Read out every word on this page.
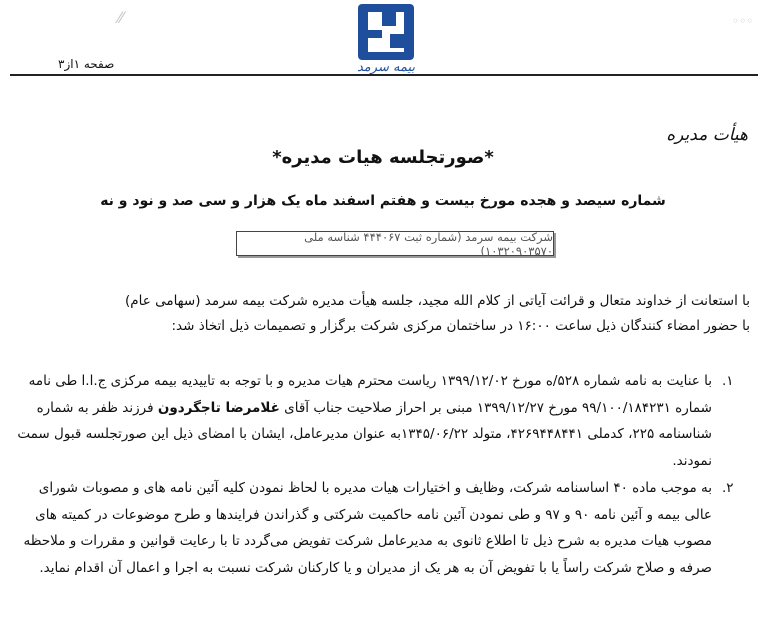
⁄⁄	◦◦◦
بیمه سرمد
صفحه ۱از۳
هیأت مدیره
*صورتجلسه هیات مدیره*
شماره سیصد و هجده مورخ بیست و هفتم اسفند ماه یک هزار و سی صد و نود و نه
شرکت بیمه سرمد (شماره ثبت ۴۴۴۰۶۷ شناسه ملی ۱۰۳۲۰۹۰۳۵۷۰)
با استعانت از خداوند متعال و قرائت آیاتی از کلام الله مجید، جلسه هیأت مدیره شرکت بیمه سرمد (سهامی عام)
با حضور امضاء کنندگان ذیل ساعت ۱۶:۰۰ در ساختمان مرکزی شرکت برگزار و تصمیمات ذیل اتخاذ شد:
۱.
با عنایت به نامه شماره ۵۲۸/ه مورخ ۱۳۹۹/۱۲/۰۲ ریاست محترم هیات مدیره و با توجه به تاییدیه بیمه مرکزی ج.ا.ا طی نامه شماره ۹۹/۱۰۰/۱۸۴۲۳۱ مورخ ۱۳۹۹/۱۲/۲۷ مبنی بر احراز صلاحیت جناب آقای غلامرضا تاجگردون فرزند ظفر به شماره شناسنامه ۲۲۵، کدملی ۴۲۶۹۴۴۸۴۴۱، متولد ۱۳۴۵/۰۶/۲۲به عنوان مدیرعامل، ایشان با امضای ذیل این صورتجلسه قبول سمت نمودند.
۲.
به موجب ماده ۴۰ اساسنامه شرکت، وظایف و اختیارات هیات مدیره با لحاظ نمودن کلیه آئین نامه های و مصوبات شورای عالی بیمه و آئین نامه ۹۰ و ۹۷ و طی نمودن آئین نامه حاکمیت شرکتی و گذراندن فرایندها و طرح موضوعات در کمیته های مصوب هیات مدیره به شرح ذیل تا اطلاع ثانوی به مدیرعامل شرکت تفویض می‌گردد تا با رعایت قوانین و مقررات و ملاحظه صرفه و صلاح شرکت راساً یا با تفویض آن به هر یک از مدیران و یا کارکنان شرکت نسبت به اجرا و اعمال آن اقدام نماید.
